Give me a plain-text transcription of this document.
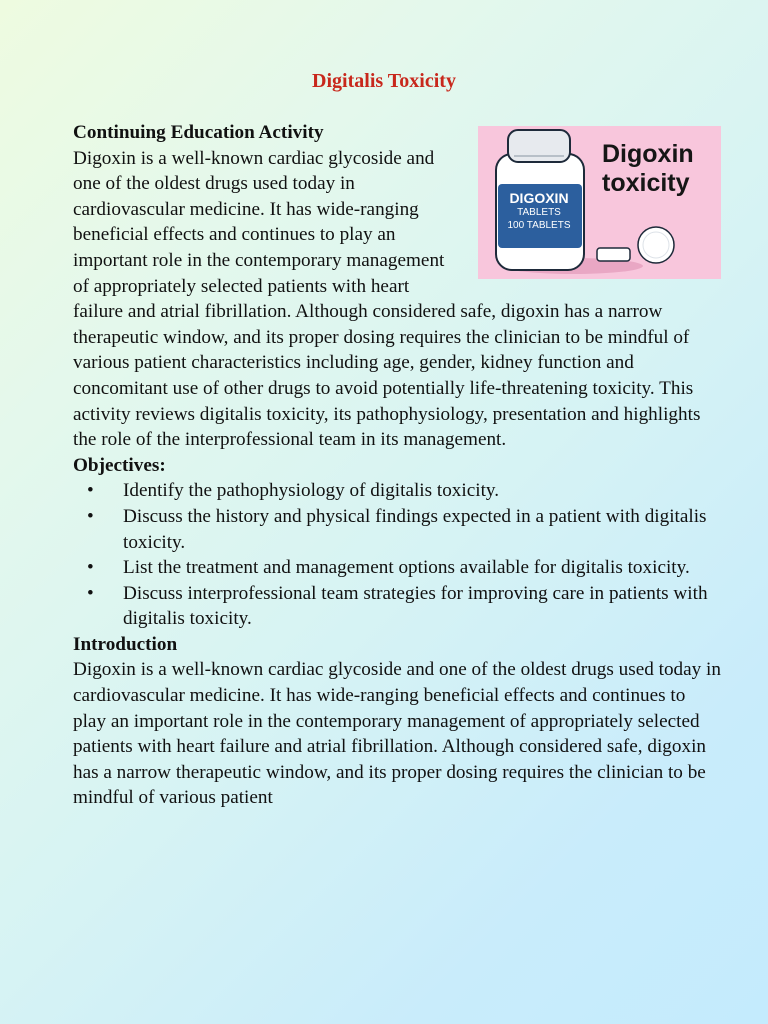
Digitalis Toxicity
DIGOXIN
TABLETS
100 TABLETS
Digoxin
toxicity
Continuing Education Activity

Digoxin is a well-known cardiac glycoside and one of the oldest drugs used today in cardiovascular medicine. It has wide-ranging beneficial effects and continues to play an important role in the contemporary management of appropriately selected patients with heart failure and atrial fibrillation. Although considered safe, digoxin has a narrow therapeutic window, and its proper dosing requires the clinician to be mindful of various patient characteristics including age, gender, kidney function and concomitant use of other drugs to avoid potentially life-threatening toxicity. This activity reviews digitalis toxicity, its pathophysiology, presentation and highlights the role of the interprofessional team in its management.

Objectives:
• Identify the pathophysiology of digitalis toxicity.
• Discuss the history and physical findings expected in a patient with digitalis toxicity.
• List the treatment and management options available for digitalis toxicity.
• Discuss interprofessional team strategies for improving care in patients with digitalis toxicity.
Introduction

Digoxin is a well-known cardiac glycoside and one of the oldest drugs used today in cardiovascular medicine. It has wide-ranging beneficial effects and continues to play an important role in the contemporary management of appropriately selected patients with heart failure and atrial fibrillation. Although considered safe, digoxin has a narrow therapeutic window, and its proper dosing requires the clinician to be mindful of various patient
